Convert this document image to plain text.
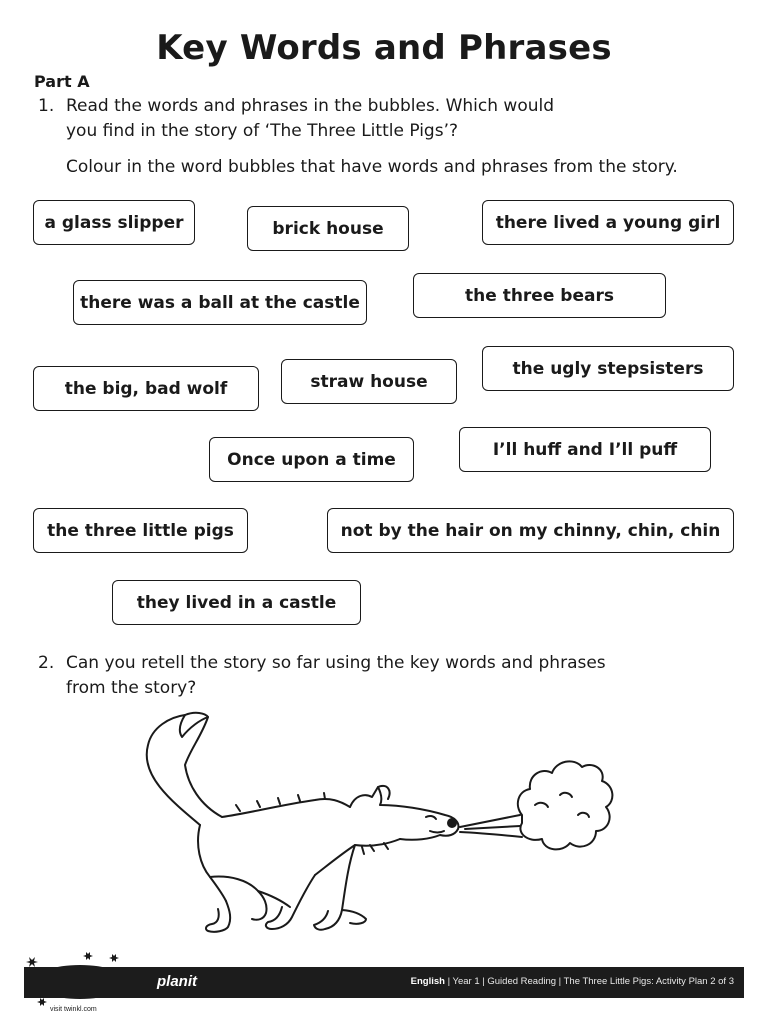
Key Words and Phrases
Part A
1. Read the words and phrases in the bubbles. Which would
you find in the story of ‘The Three Little Pigs’?
Colour in the word bubbles that have words and phrases from the story.
a glass slipper	brick house	there lived a young girl
there was a ball at the castle	the three bears
the big, bad wolf	straw house
the ugly stepsisters
Once upon a time	I’ll huff and I’ll puff
the three little pigs	not by the hair on my chinny, chin, chin
they lived in a castle
2. Can you retell the story so far using the key words and phrases
from the story?
planit	English | Year 1 | Guided Reading | The Three Little Pigs: Activity Plan 2 of 3
visit twinkl.com
